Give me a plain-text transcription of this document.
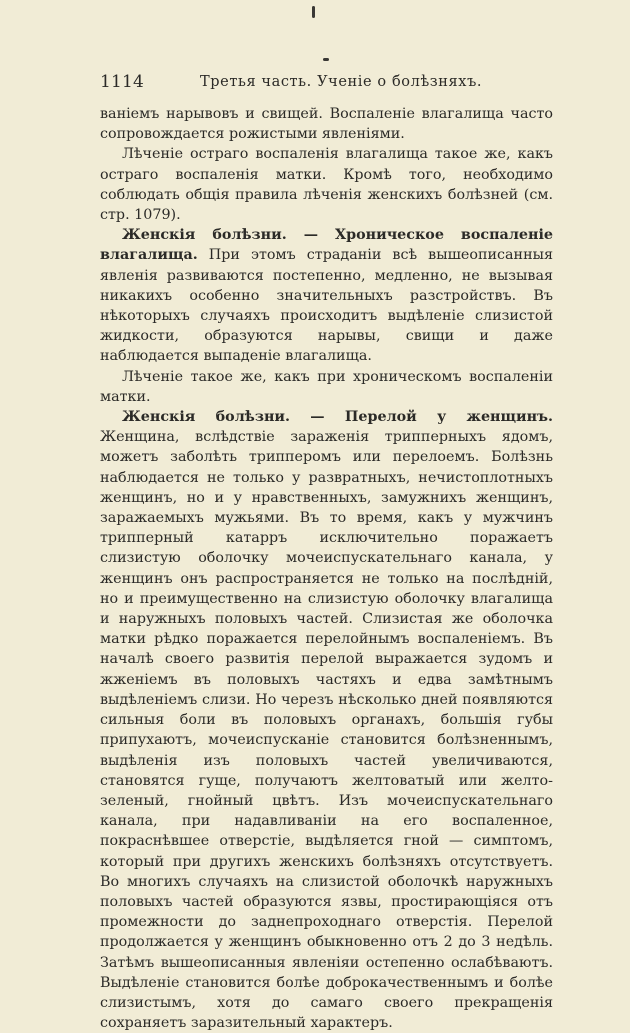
1114	Третья часть. Ученіе о болѣзняхъ.

ваніемъ нарывовъ и свищей. Воспаленіе влагалища часто сопровождается рожистыми явленіями.

Лѣченіе остраго воспаленія влагалища такое же, какъ остраго воспаленія матки. Кромѣ того, необходимо соблюдать общія правила лѣченія женскихъ болѣзней (см. стр. 1079).

Женскія болѣзни. — Хроническое воспаленіе влагалища. При этомъ страданіи всѣ вышеописанныя явленія развиваются постепенно, медленно, не вызывая никакихъ особенно значительныхъ разстройствъ. Въ нѣкоторыхъ случаяхъ происходитъ выдѣленіе слизистой жидкости, образуются нарывы, свищи и даже наблюдается выпаденіе влагалища.

Лѣченіе такое же, какъ при хроническомъ воспаленіи матки.

Женскія болѣзни. — Перелой у женщинъ. Женщина, вслѣдствіе зараженія трипперныхъ ядомъ, можетъ заболѣть трипперомъ или перелоемъ. Болѣзнь наблюдается не только у развратныхъ, нечистоплотныхъ женщинъ, но и у нравственныхъ, замужнихъ женщинъ, заражаемыхъ мужьями. Въ то время, какъ у мужчинъ трипперный катарръ исключительно поражаетъ слизистую оболочку мочеиспускательнаго канала, у женщинъ онъ распространяется не только на послѣдній, но и преимущественно на слизистую оболочку влагалища и наружныхъ половыхъ частей. Слизистая же оболочка матки рѣдко поражается перелойнымъ воспаленіемъ. Въ началѣ своего развитія перелой выражается зудомъ и жженіемъ въ половыхъ частяхъ и едва замѣтнымъ выдѣленіемъ слизи. Но черезъ нѣсколько дней появляются сильныя боли въ половыхъ органахъ, большія губы припухаютъ, мочеиспусканіе становится болѣзненнымъ, выдѣленія изъ половыхъ частей увеличиваются, становятся гуще, получаютъ желтоватый или желто-зеленый, гнойный цвѣтъ. Изъ мочеиспускательнаго канала, при надавливаніи на его воспаленное, покраснѣвшее отверстіе, выдѣляется гной — симптомъ, который при другихъ женскихъ болѣзняхъ отсутствуетъ. Во многихъ случаяхъ на слизистой оболочкѣ наружныхъ половыхъ частей образуются язвы, простирающіяся отъ промежности до заднепроходнаго отверстія. Перелой продолжается у женщинъ обыкновенно отъ 2 до 3 недѣль. Затѣмъ вышеописанныя явленіяи остепенно ослабѣваютъ. Выдѣленіе становится болѣе доброкачественнымъ и болѣе слизистымъ, хотя до самаго своего прекращенія сохраняетъ заразительный характеръ.
